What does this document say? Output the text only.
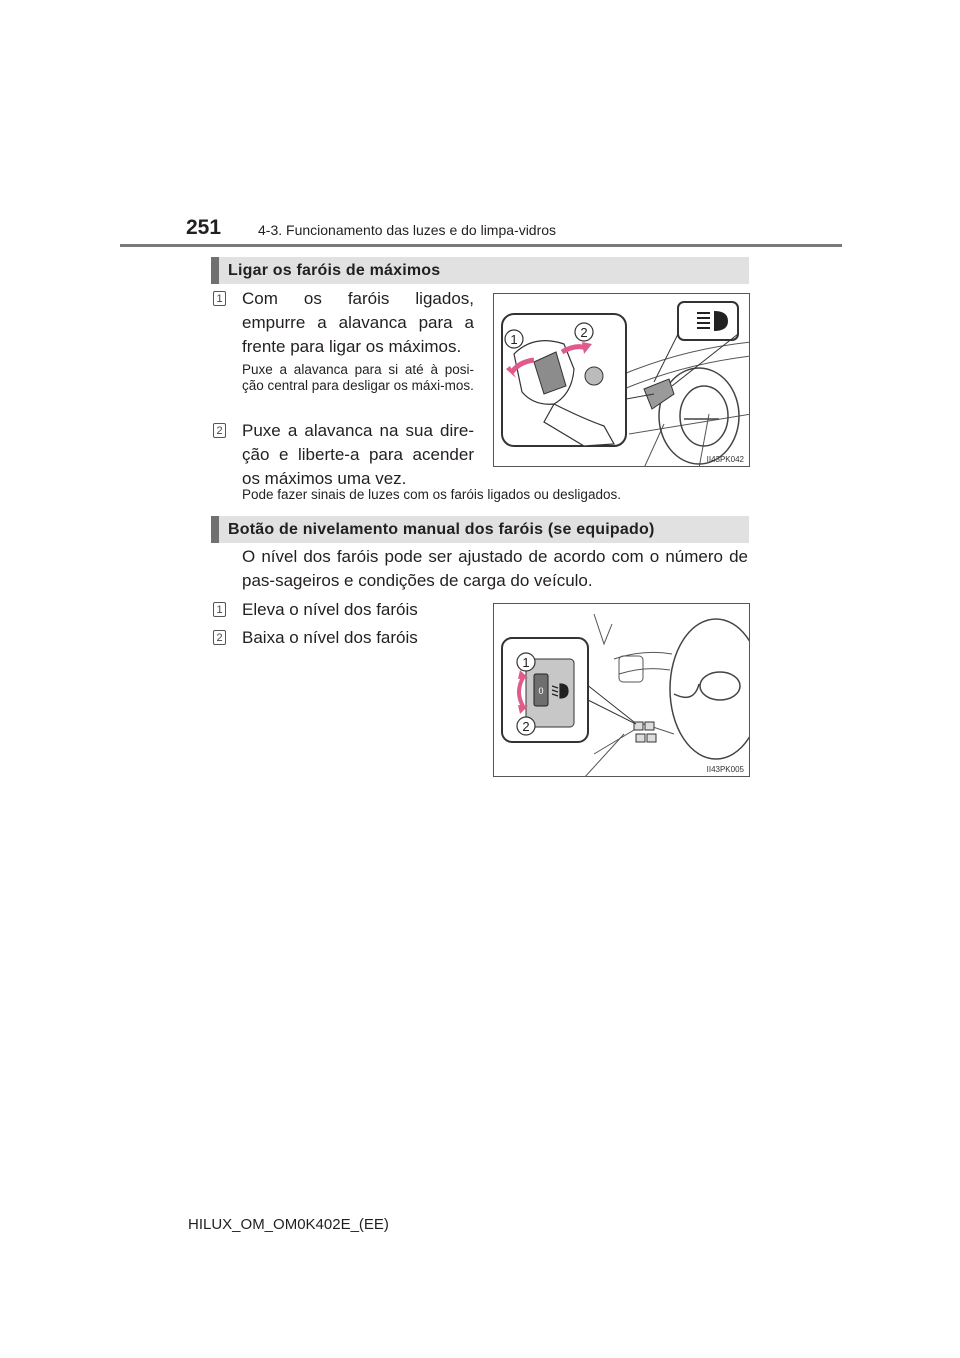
251	4-3. Funcionamento das luzes e do limpa-vidros
Ligar os faróis de máximos
1 Com os faróis ligados, empurre a alavanca para a frente para ligar os máximos.
Puxe a alavanca para si até à posi-ção central para desligar os máxi-mos.
2 Puxe a alavanca na sua dire-ção e liberte-a para acender os máximos uma vez.
Pode fazer sinais de luzes com os faróis ligados ou desligados.
1	2
II43PK042
Botão de nivelamento manual dos faróis (se equipado)
O nível dos faróis pode ser ajustado de acordo com o número de pas-sageiros e condições de carga do veículo.
1 Eleva o nível dos faróis
2 Baixa o nível dos faróis
0
1
2
II43PK005
HILUX_OM_OM0K402E_(EE)
